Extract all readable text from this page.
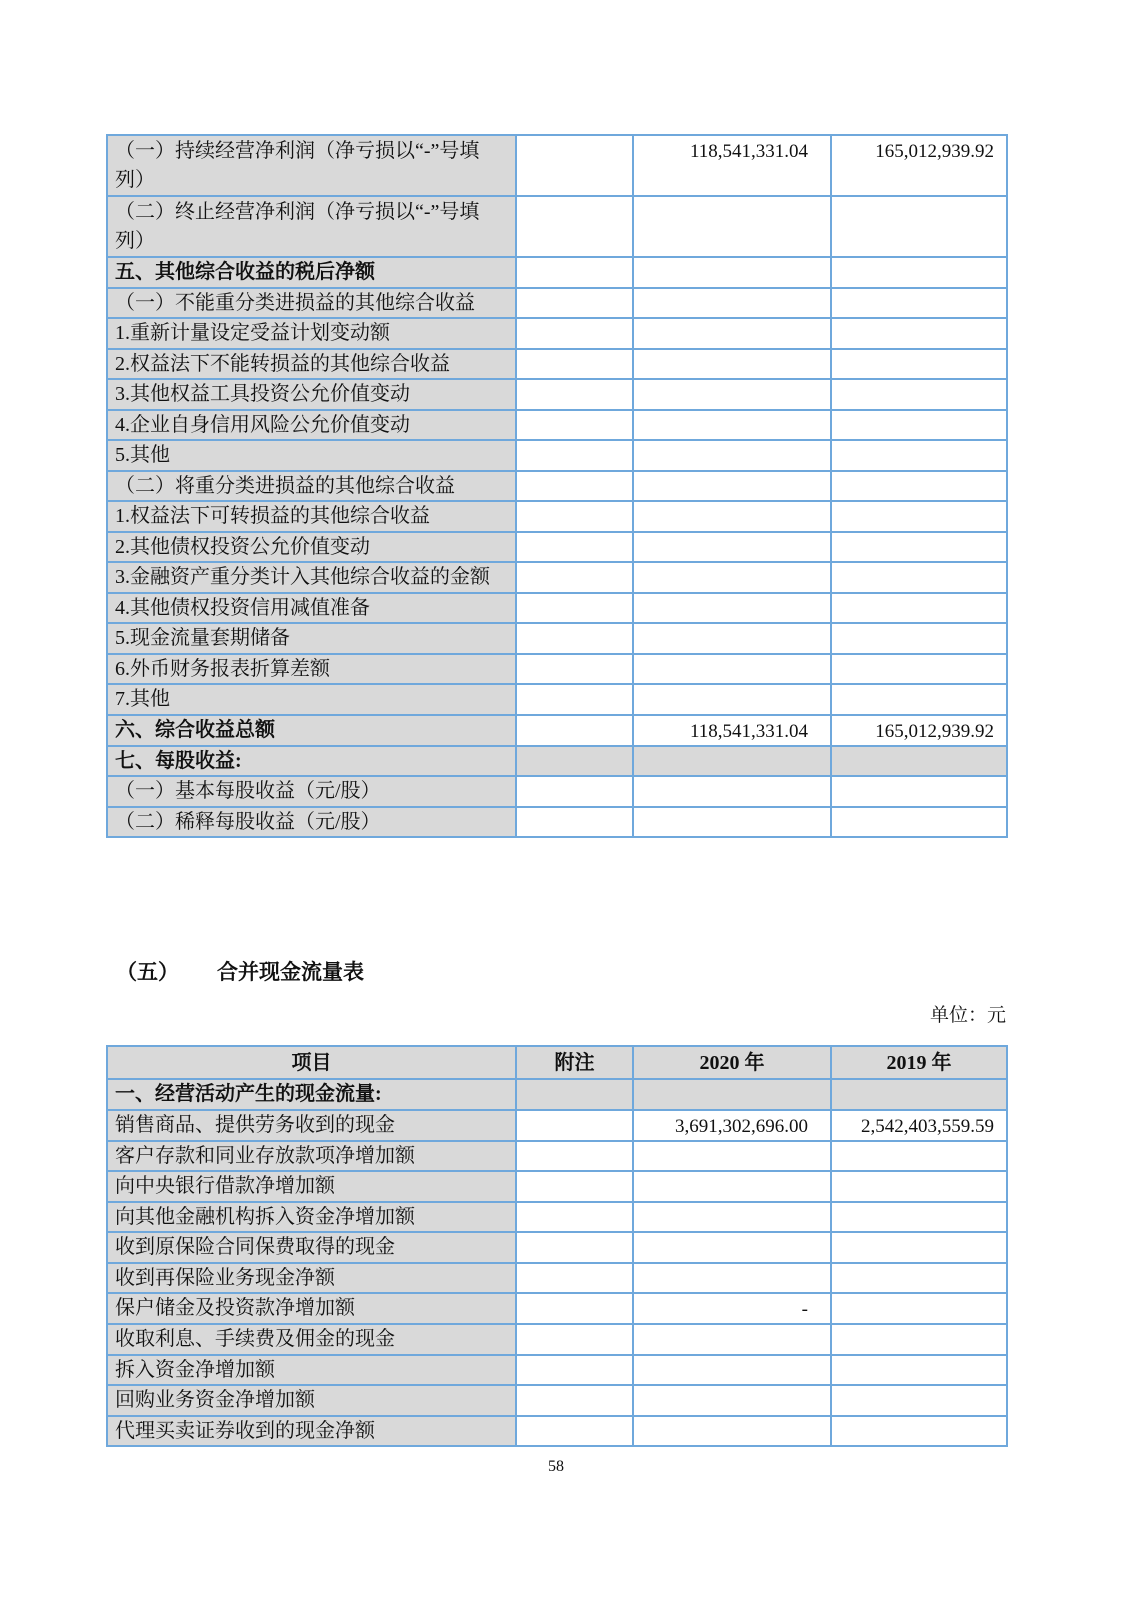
（一）持续经营净利润（净亏损以“-”号填列）		118,541,331.04	165,012,939.92
（二）终止经营净利润（净亏损以“-”号填列）			
五、其他综合收益的税后净额			
（一）不能重分类进损益的其他综合收益			
1.重新计量设定受益计划变动额			
2.权益法下不能转损益的其他综合收益			
3.其他权益工具投资公允价值变动			
4.企业自身信用风险公允价值变动			
5.其他			
（二）将重分类进损益的其他综合收益			
1.权益法下可转损益的其他综合收益			
2.其他债权投资公允价值变动			
3.金融资产重分类计入其他综合收益的金额			
4.其他债权投资信用减值准备			
5.现金流量套期储备			
6.外币财务报表折算差额			
7.其他			
六、综合收益总额		118,541,331.04	165,012,939.92
七、每股收益:			
（一）基本每股收益（元/股）			
（二）稀释每股收益（元/股）			
（五） 合并现金流量表
单位：元
项目	附注	2020 年	2019 年
一、经营活动产生的现金流量:			
销售商品、提供劳务收到的现金		3,691,302,696.00	2,542,403,559.59
客户存款和同业存放款项净增加额			
向中央银行借款净增加额			
向其他金融机构拆入资金净增加额			
收到原保险合同保费取得的现金			
收到再保险业务现金净额			
保户储金及投资款净增加额		-	
收取利息、手续费及佣金的现金			
拆入资金净增加额			
回购业务资金净增加额			
代理买卖证券收到的现金净额			
58
